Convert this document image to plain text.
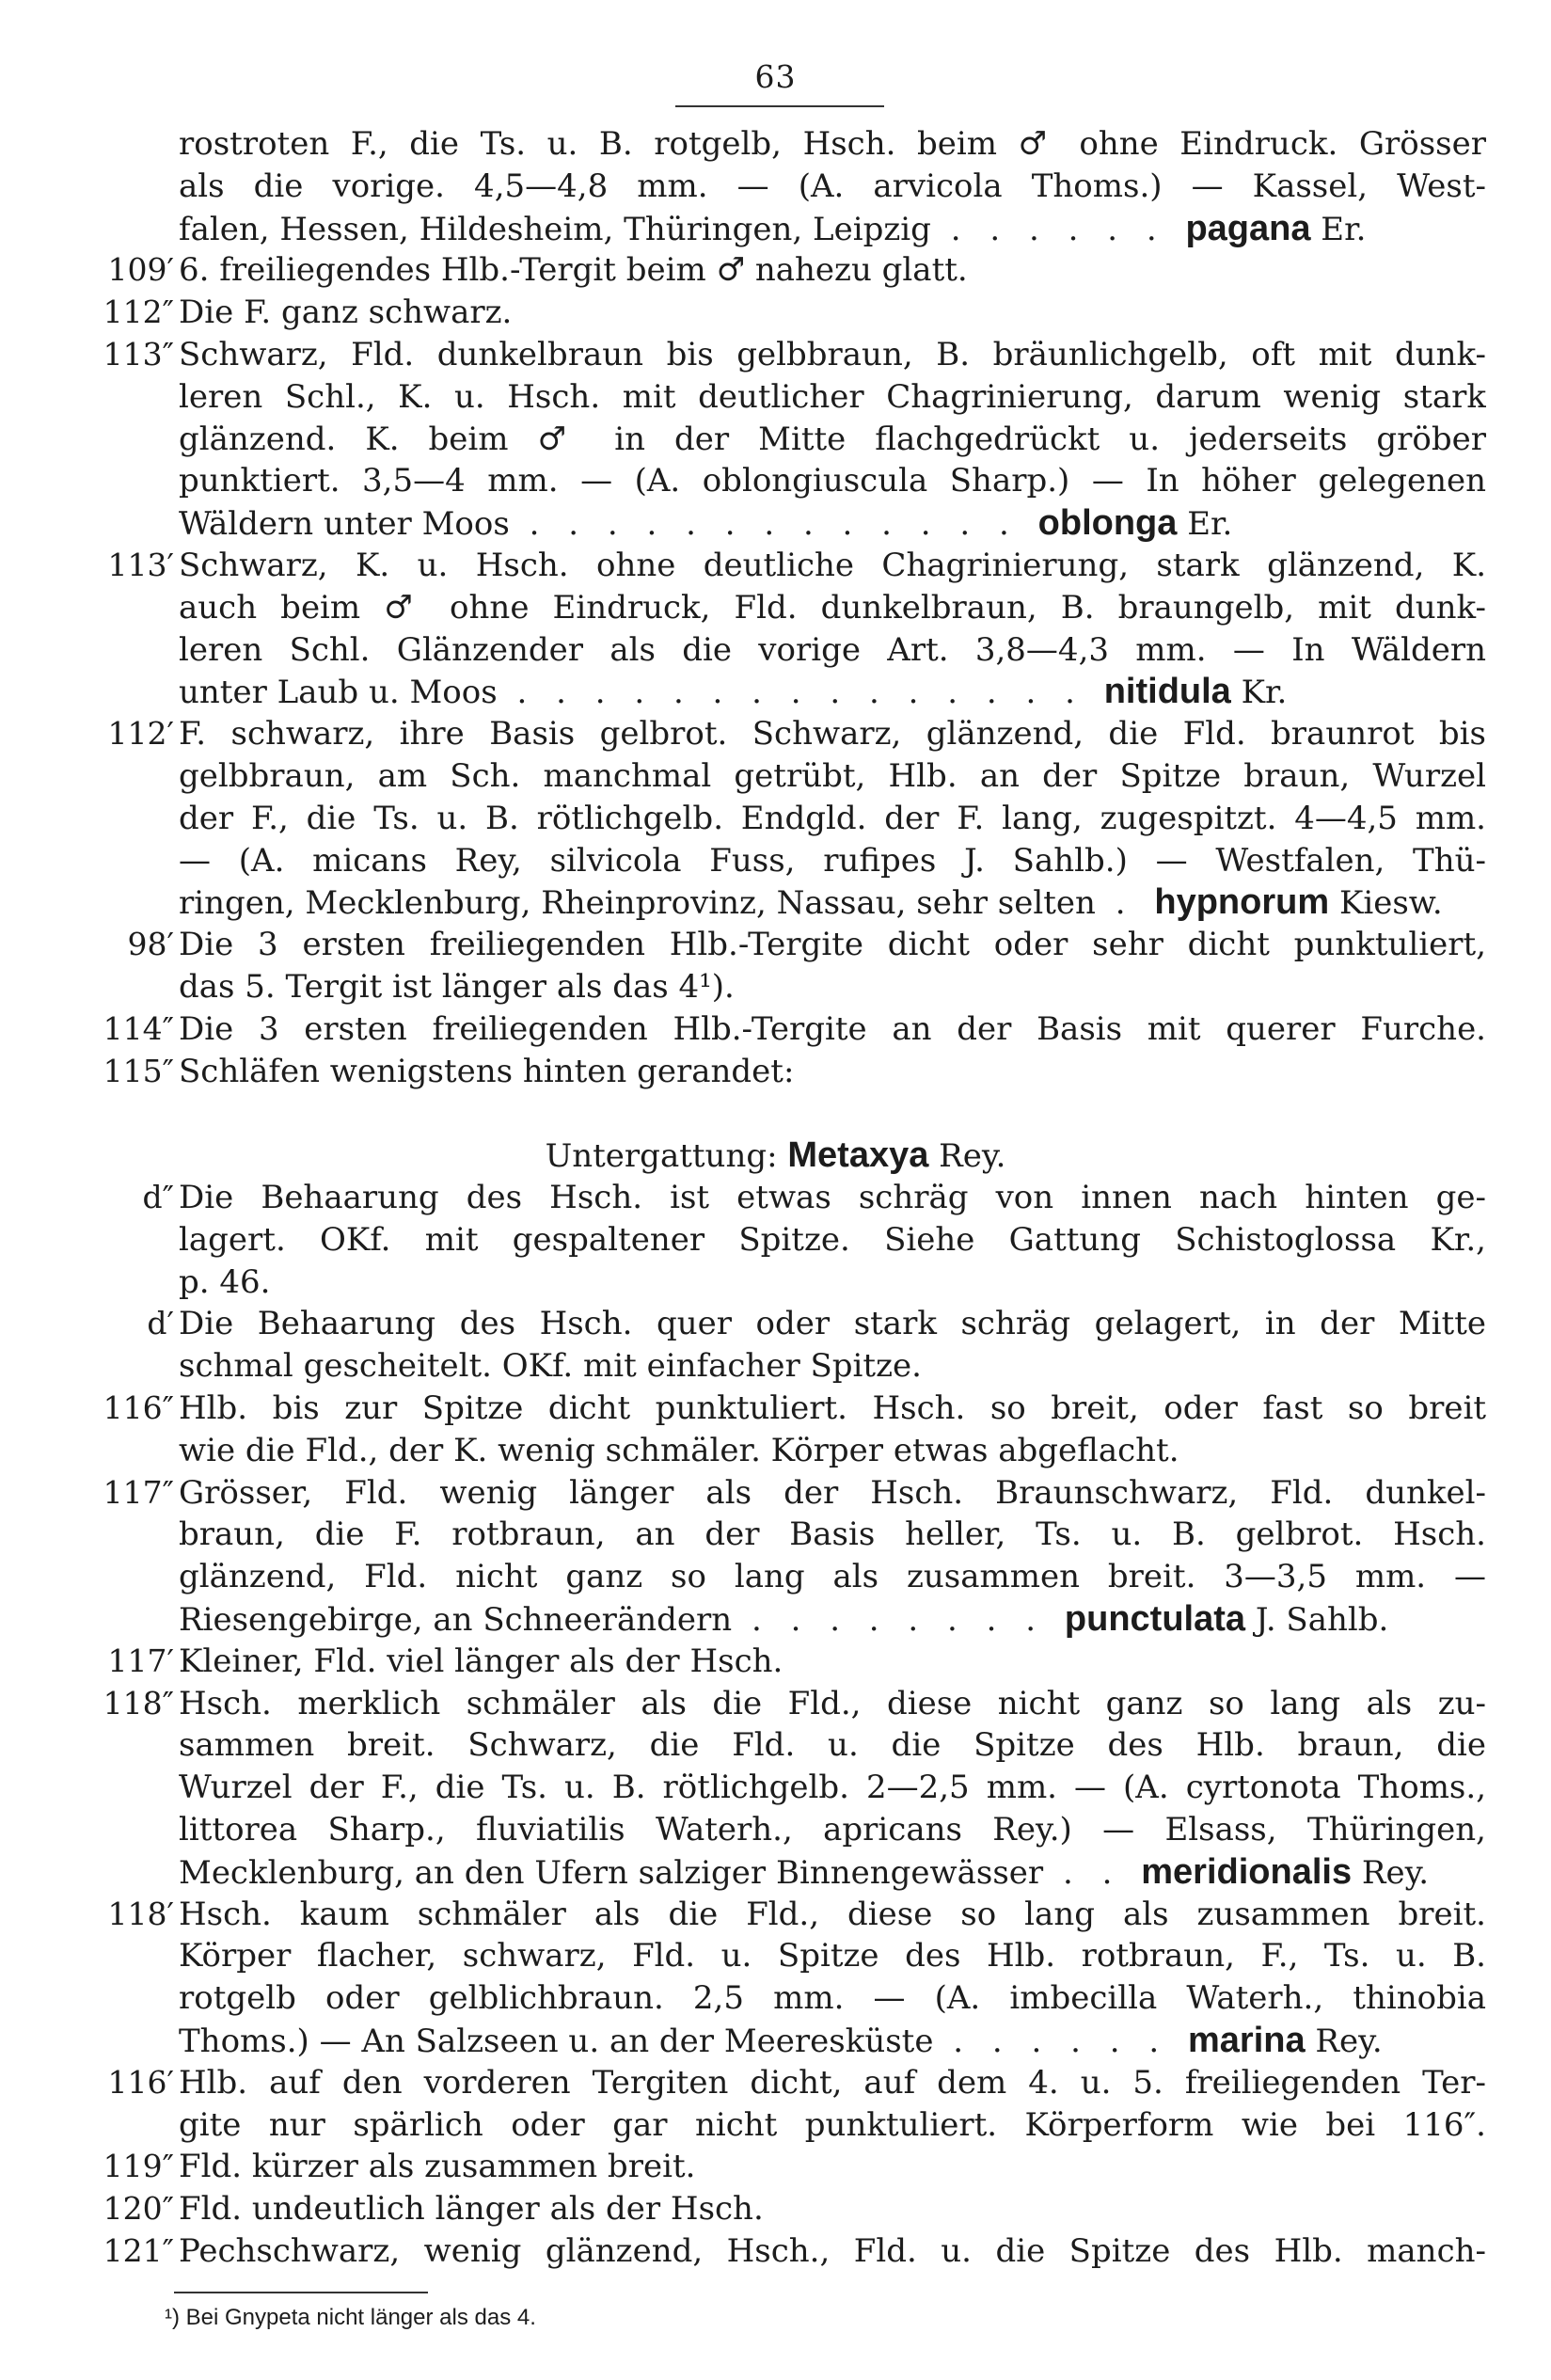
63
rostroten F., die Ts. u. B. rotgelb, Hsch. beim ♂ ohne Eindruck. Grösser
als die vorige. 4,5—4,8 mm. — (A. arvicola Thoms.) — Kassel, West-
falen, Hessen, Hildesheim, Thüringen, Leipzig . . . . . . pagana Er.
109′ 6. freiliegendes Hlb.-Tergit beim ♂ nahezu glatt.
112″ Die F. ganz schwarz.
113″ Schwarz, Fld. dunkelbraun bis gelbbraun, B. bräunlichgelb, oft mit dunk-
leren Schl., K. u. Hsch. mit deutlicher Chagrinierung, darum wenig stark
glänzend. K. beim ♂ in der Mitte flachgedrückt u. jederseits gröber
punktiert. 3,5—4 mm. — (A. oblongiuscula Sharp.) — In höher gelegenen
Wäldern unter Moos . . . . . . . . . . . . . oblonga Er.
113′ Schwarz, K. u. Hsch. ohne deutliche Chagrinierung, stark glänzend, K.
auch beim ♂ ohne Eindruck, Fld. dunkelbraun, B. braungelb, mit dunk-
leren Schl. Glänzender als die vorige Art. 3,8—4,3 mm. — In Wäldern
unter Laub u. Moos . . . . . . . . . . . . . . . nitidula Kr.
112′ F. schwarz, ihre Basis gelbrot. Schwarz, glänzend, die Fld. braunrot bis
gelbbraun, am Sch. manchmal getrübt, Hlb. an der Spitze braun, Wurzel
der F., die Ts. u. B. rötlichgelb. Endgld. der F. lang, zugespitzt. 4—4,5 mm.
— (A. micans Rey, silvicola Fuss, rufipes J. Sahlb.) — Westfalen, Thü-
ringen, Mecklenburg, Rheinprovinz, Nassau, sehr selten . hypnorum Kiesw.
98′ Die 3 ersten freiliegenden Hlb.-Tergite dicht oder sehr dicht punktuliert,
das 5. Tergit ist länger als das 4¹).
114″ Die 3 ersten freiliegenden Hlb.-Tergite an der Basis mit querer Furche.
115″ Schläfen wenigstens hinten gerandet:
Untergattung: Metaxya Rey.
d″ Die Behaarung des Hsch. ist etwas schräg von innen nach hinten ge-
lagert. OKf. mit gespaltener Spitze. Siehe Gattung Schistoglossa Kr.,
p. 46.
d′ Die Behaarung des Hsch. quer oder stark schräg gelagert, in der Mitte
schmal gescheitelt. OKf. mit einfacher Spitze.
116″ Hlb. bis zur Spitze dicht punktuliert. Hsch. so breit, oder fast so breit
wie die Fld., der K. wenig schmäler. Körper etwas abgeflacht.
117″ Grösser, Fld. wenig länger als der Hsch. Braunschwarz, Fld. dunkel-
braun, die F. rotbraun, an der Basis heller, Ts. u. B. gelbrot. Hsch.
glänzend, Fld. nicht ganz so lang als zusammen breit. 3—3,5 mm. —
Riesengebirge, an Schneerändern . . . . . . . . punctulata J. Sahlb.
117′ Kleiner, Fld. viel länger als der Hsch.
118″ Hsch. merklich schmäler als die Fld., diese nicht ganz so lang als zu-
sammen breit. Schwarz, die Fld. u. die Spitze des Hlb. braun, die
Wurzel der F., die Ts. u. B. rötlichgelb. 2—2,5 mm. — (A. cyrtonota Thoms.,
littorea Sharp., fluviatilis Waterh., apricans Rey.) — Elsass, Thüringen,
Mecklenburg, an den Ufern salziger Binnengewässer . . meridionalis Rey.
118′ Hsch. kaum schmäler als die Fld., diese so lang als zusammen breit.
Körper flacher, schwarz, Fld. u. Spitze des Hlb. rotbraun, F., Ts. u. B.
rotgelb oder gelblichbraun. 2,5 mm. — (A. imbecilla Waterh., thinobia
Thoms.) — An Salzseen u. an der Meeresküste . . . . . . marina Rey.
116′ Hlb. auf den vorderen Tergiten dicht, auf dem 4. u. 5. freiliegenden Ter-
gite nur spärlich oder gar nicht punktuliert. Körperform wie bei 116″.
119″ Fld. kürzer als zusammen breit.
120″ Fld. undeutlich länger als der Hsch.
121″ Pechschwarz, wenig glänzend, Hsch., Fld. u. die Spitze des Hlb. manch-
¹) Bei Gnypeta nicht länger als das 4.
